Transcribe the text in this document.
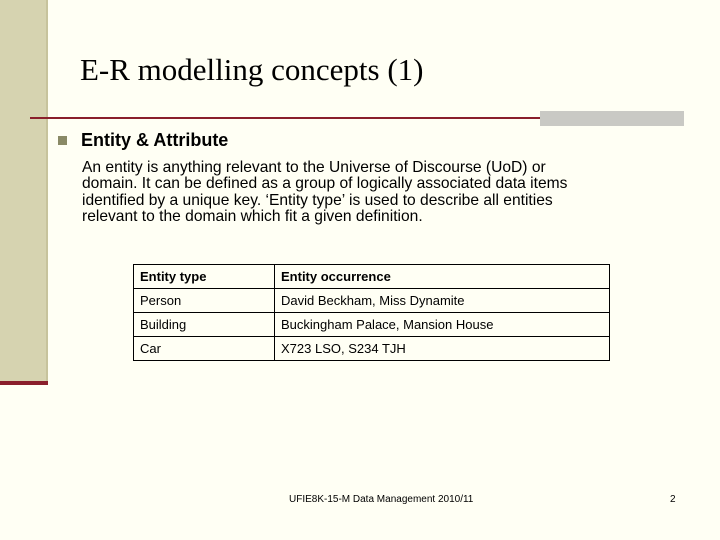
E-R modelling concepts (1)
Entity & Attribute

An entity is anything relevant to the Universe of Discourse (UoD) or

domain. It can be defined as a group of logically associated data items

identified by a unique key. ‘Entity type’ is used to describe all entities

relevant to the domain which fit a given definition.

Entity type	Entity occurrence
Person	David Beckham, Miss Dynamite
Building	Buckingham Palace, Mansion House
Car	X723 LSO, S234 TJH
UFIE8K-15-M Data Management 2010/11	2
